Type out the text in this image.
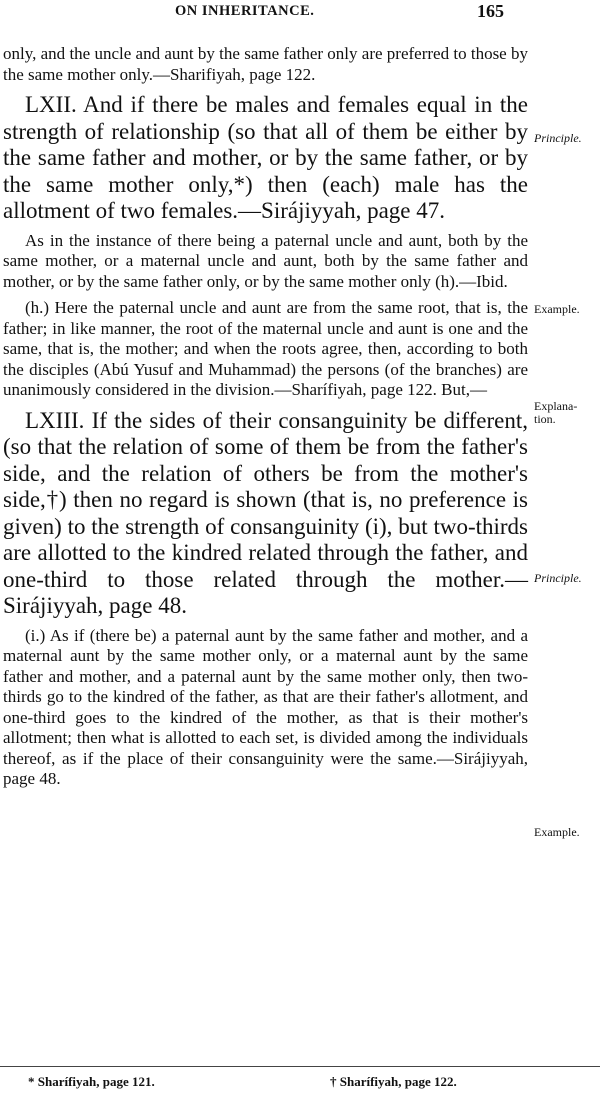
ON INHERITANCE.	165

only, and the uncle and aunt by the same father only are preferred to those by the same mother only.—Sharifiyah, page 122.

LXII. And if there be males and females equal in the strength of relationship (so that all of them be either by the same father and mother, or by the same father, or by the same mother only,*) then (each) male has the allotment of two females.—Sirájiyyah, page 47.

As in the instance of there being a paternal uncle and aunt, both by the same mother, or a maternal uncle and aunt, both by the same father and mother, or by the same father only, or by the same mother only (h).—Ibid.

(h.) Here the paternal uncle and aunt are from the same root, that is, the father; in like manner, the root of the maternal uncle and aunt is one and the same, that is, the mother; and when the roots agree, then, according to both the disciples (Abú Yusuf and Muhammad) the persons (of the branches) are unanimously considered in the division.—Sharífiyah, page 122. But,—

LXIII. If the sides of their consanguinity be different, (so that the relation of some of them be from the father's side, and the relation of others be from the mother's side,†) then no regard is shown (that is, no preference is given) to the strength of consanguinity (i), but two-thirds are allotted to the kindred related through the father, and one-third to those related through the mother.—Sirájiyyah, page 48.

(i.) As if (there be) a paternal aunt by the same father and mother, and a maternal aunt by the same mother only, or a maternal aunt by the same father and mother, and a paternal aunt by the same mother only, then two-thirds go to the kindred of the father, as that are their father's allotment, and one-third goes to the kindred of the mother, as that is their mother's allotment; then what is allotted to each set, is divided among the individuals thereof, as if the place of their consanguinity were the same.—Sirájiyyah, page 48.

Principle.
Example.
Explana-
tion.
Principle.
Example.
* Sharífiyah, page 121.	† Sharífiyah, page 122.
